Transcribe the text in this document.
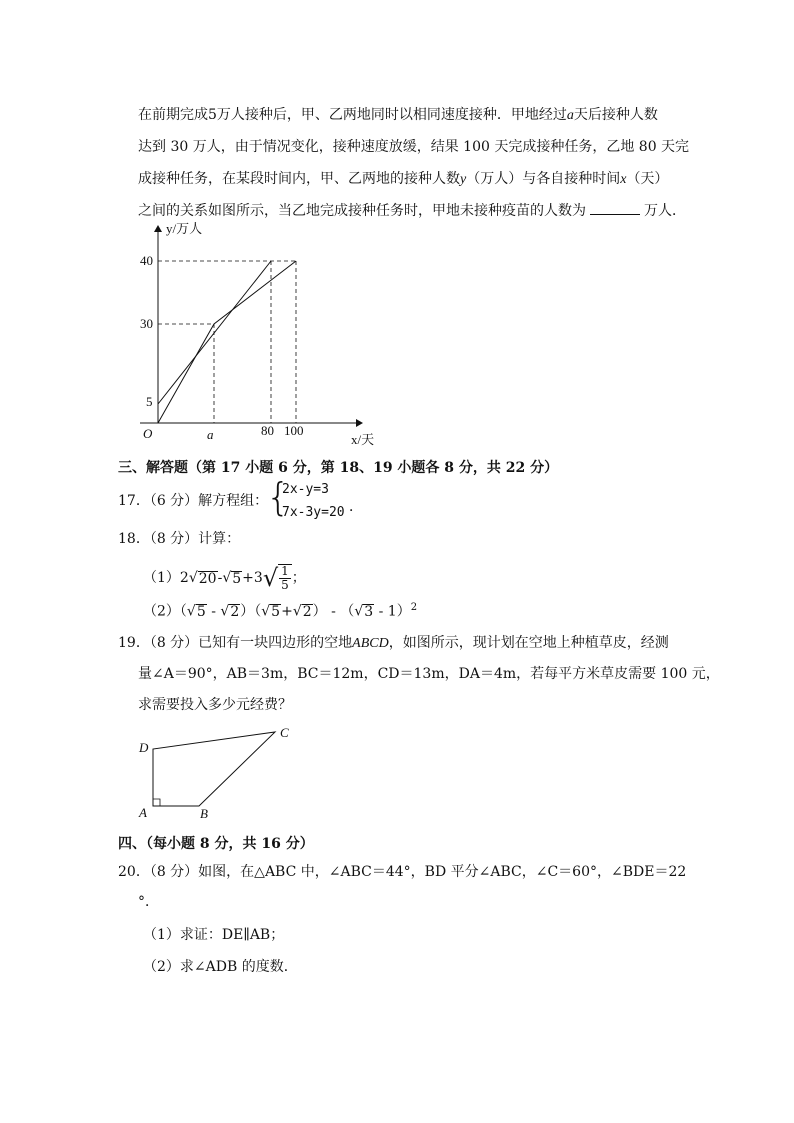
在前期完成5万人接种后，甲、乙两地同时以相同速度接种．甲地经过a天后接种人数
达到 30 万人，由于情况变化，接种速度放缓，结果 100 天完成接种任务，乙地 80 天完
成接种任务，在某段时间内，甲、乙两地的接种人数y（万人）与各自接种时间x（天）
之间的关系如图所示，当乙地完成接种任务时，甲地未接种疫苗的人数为	万人．
y/万人
40
30
5
O	a	80 100
x/天
三、解答题（第 17 小题 6 分，第 18、19 小题各 8 分，共 22 分）
17．（6 分）解方程组：
{
2x-y=3
7x-3y=20 ．
18．（8 分）计算：
（1） 2 √ 20 - √ 5 +3 √ $\frac{1}{5}$ ；
（2）（√5 - √2）（√5+√2） - （√3 - 1）$^2$
19．（8 分）已知有一块四边形的空地ABCD，如图所示，现计划在空地上种植草皮，经测
量∠A＝90°，AB＝3m，BC＝12m，CD＝13m，DA＝4m，若每平方米草皮需要 100 元，
求需要投入多少元经费？
D
A	B
C
四、（每小题 8 分，共 16 分）
20．（8 分）如图，在△ABC 中，∠ABC＝44°，BD 平分∠ABC，∠C＝60°，∠BDE＝22
°．
（1）求证：DE∥AB；
（2）求∠ADB 的度数．
